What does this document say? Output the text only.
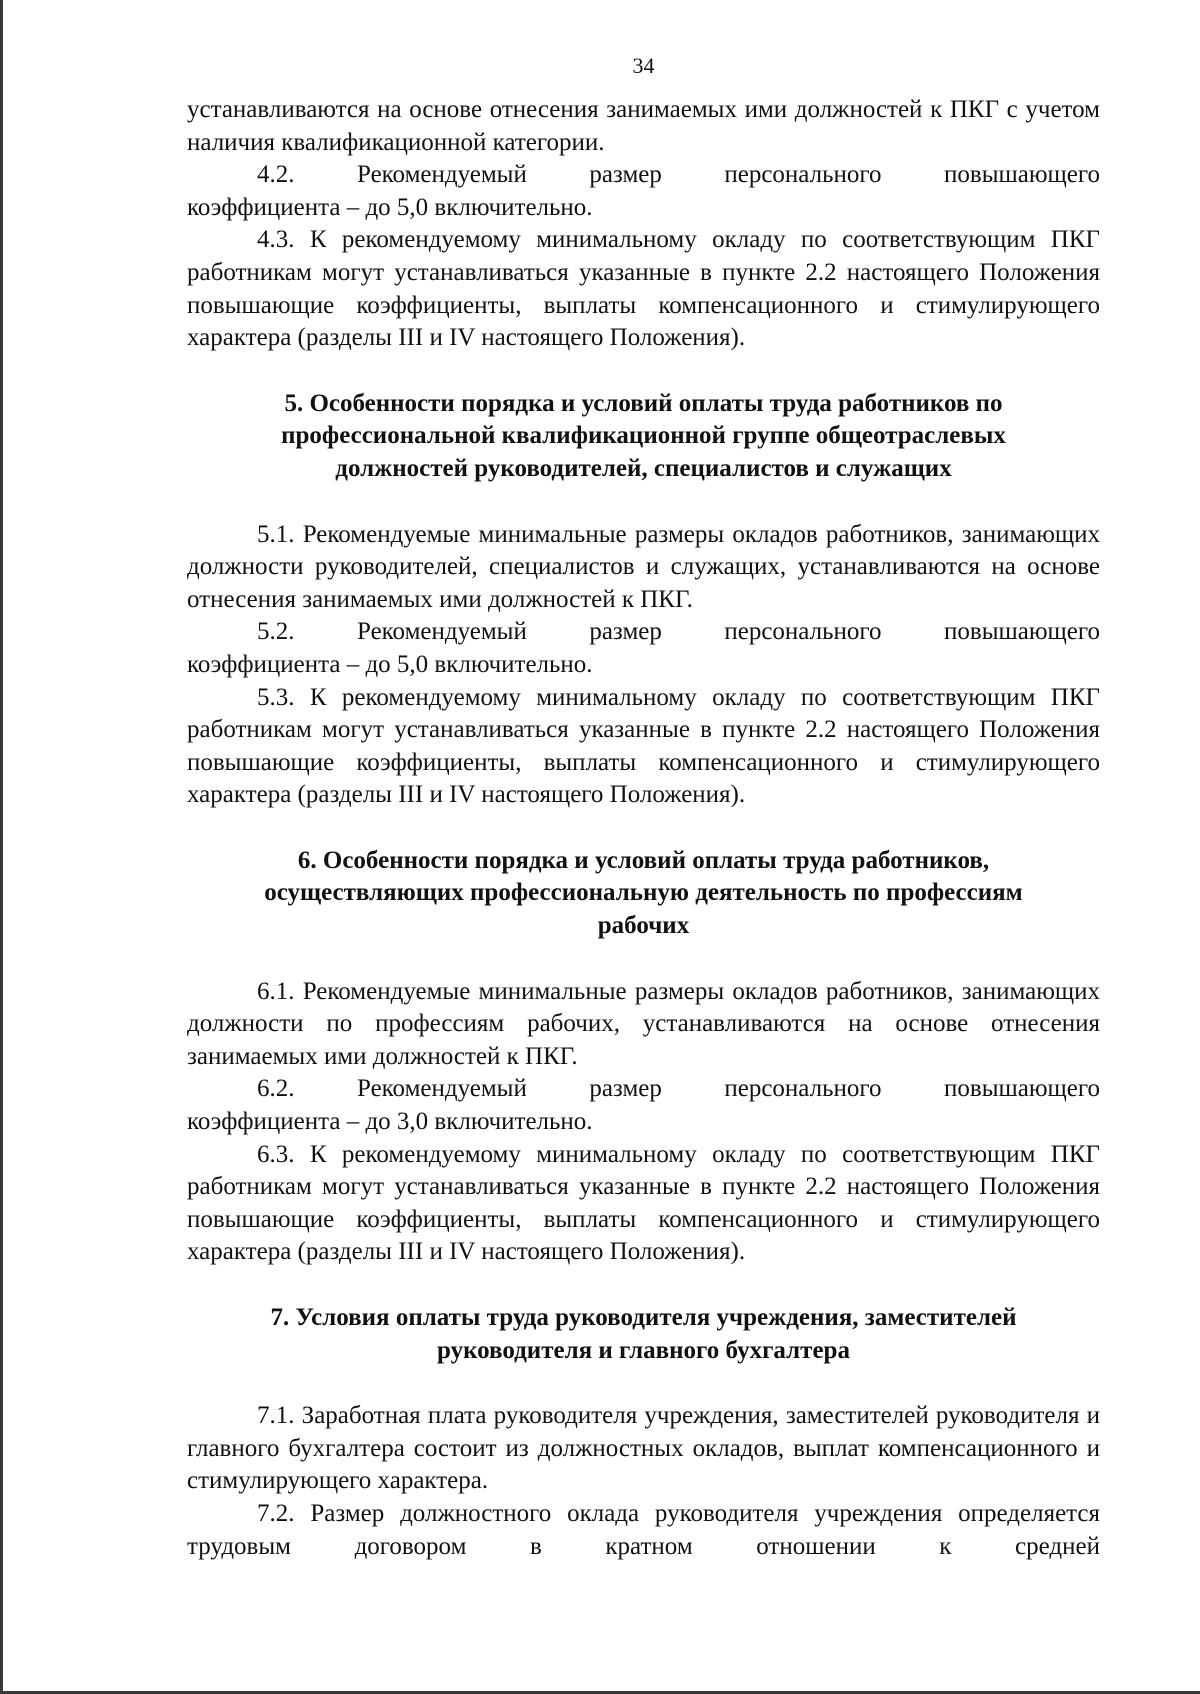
34

устанавливаются на основе отнесения занимаемых ими должностей к ПКГ с учетом наличия квалификационной категории.

4.2. Рекомендуемый размер персонального повышающего

коэффициента – до 5,0 включительно.

4.3. К рекомендуемому минимальному окладу по соответствующим ПКГ работникам могут устанавливаться указанные в пункте 2.2 настоящего Положения повышающие коэффициенты, выплаты компенсационного и стимулирующего характера (разделы III и IV настоящего Положения).

5. Особенности порядка и условий оплаты труда работников по

профессиональной квалификационной группе общеотраслевых

должностей руководителей, специалистов и служащих

5.1. Рекомендуемые минимальные размеры окладов работников, занимающих должности руководителей, специалистов и служащих, устанавливаются на основе отнесения занимаемых ими должностей к ПКГ.

5.2. Рекомендуемый размер персонального повышающего

коэффициента – до 5,0 включительно.

5.3. К рекомендуемому минимальному окладу по соответствующим ПКГ работникам могут устанавливаться указанные в пункте 2.2 настоящего Положения повышающие коэффициенты, выплаты компенсационного и стимулирующего характера (разделы III и IV настоящего Положения).

6. Особенности порядка и условий оплаты труда работников,

осуществляющих профессиональную деятельность по профессиям

рабочих

6.1. Рекомендуемые минимальные размеры окладов работников, занимающих должности по профессиям рабочих, устанавливаются на основе отнесения занимаемых ими должностей к ПКГ.

6.2. Рекомендуемый размер персонального повышающего

коэффициента – до 3,0 включительно.

6.3. К рекомендуемому минимальному окладу по соответствующим ПКГ работникам могут устанавливаться указанные в пункте 2.2 настоящего Положения повышающие коэффициенты, выплаты компенсационного и стимулирующего характера (разделы III и IV настоящего Положения).

7. Условия оплаты труда руководителя учреждения, заместителей

руководителя и главного бухгалтера

7.1. Заработная плата руководителя учреждения, заместителей руководителя и главного бухгалтера состоит из должностных окладов, выплат компенсационного и стимулирующего характера.

7.2. Размер должностного оклада руководителя учреждения определяется трудовым договором в кратном отношении к средней
